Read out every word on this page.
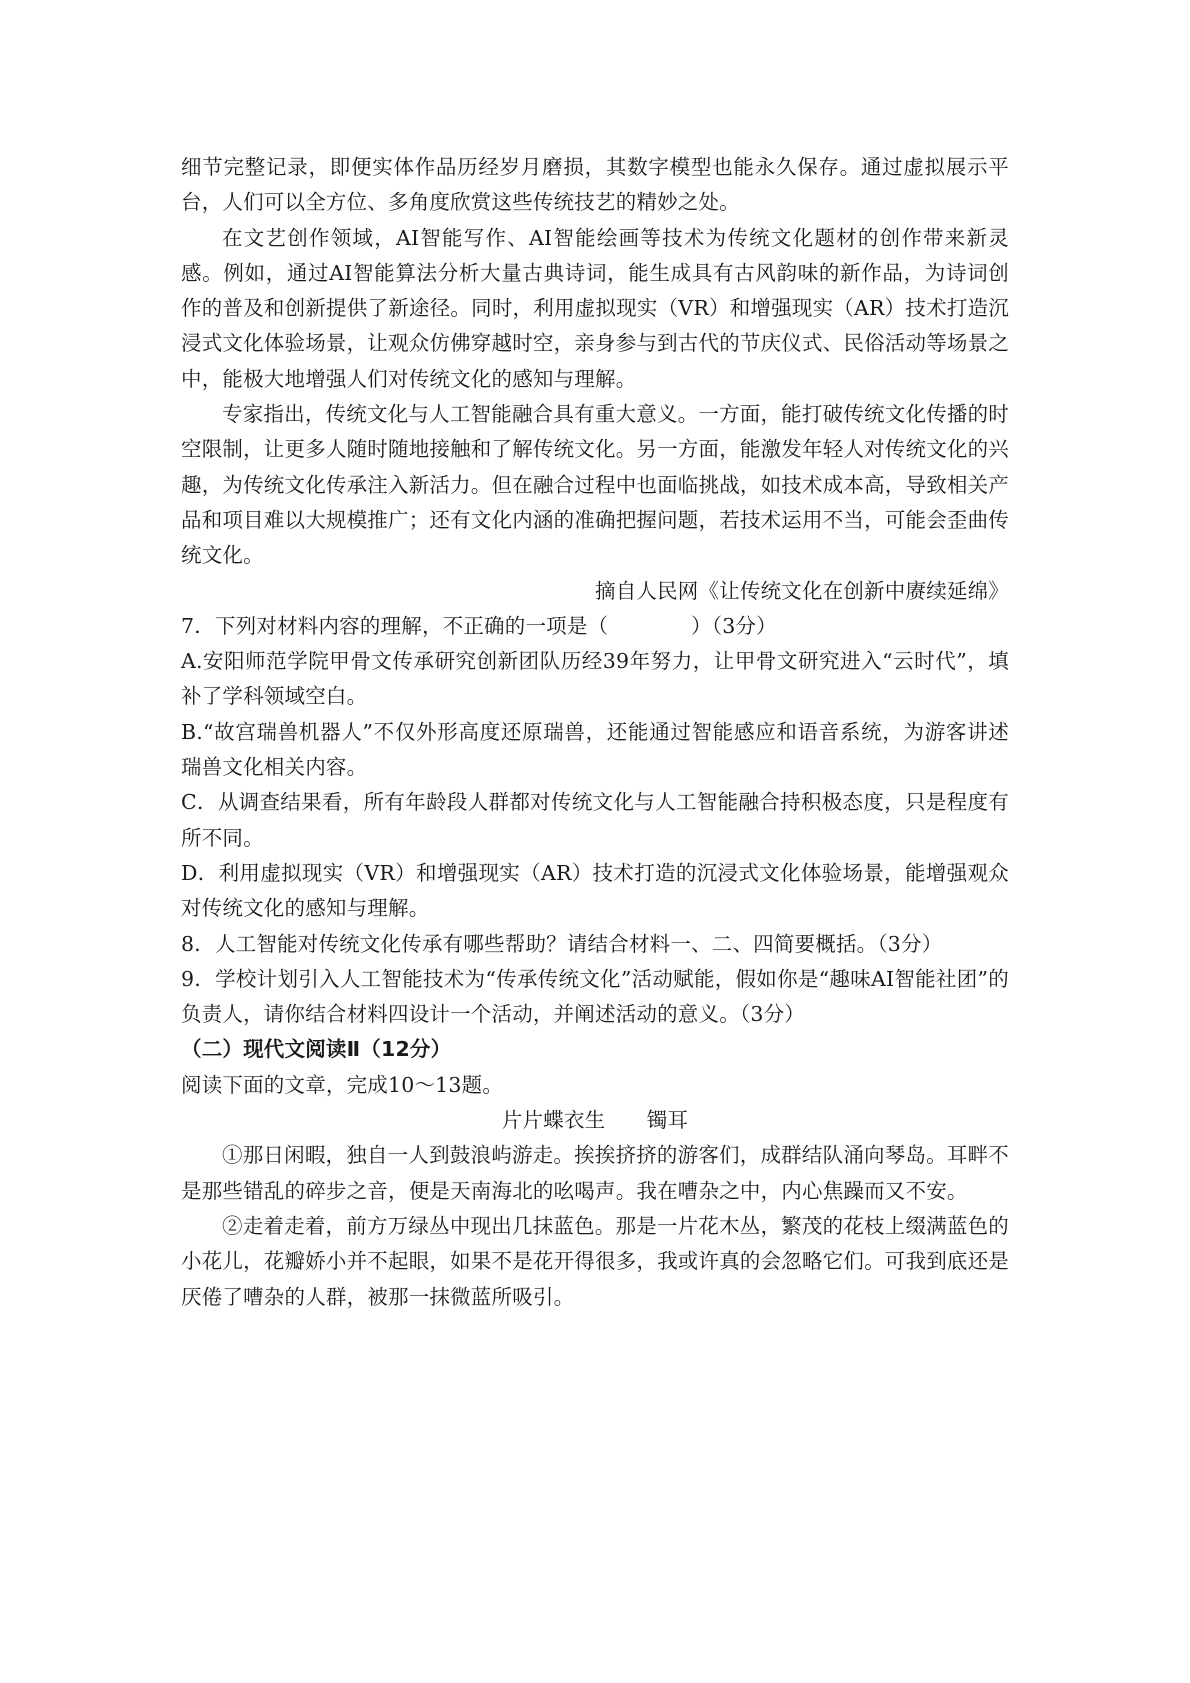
细节完整记录，即便实体作品历经岁月磨损，其数字模型也能永久保存。通过虚拟展示平台，人们可以全方位、多角度欣赏这些传统技艺的精妙之处。

在文艺创作领域，AI智能写作、AI智能绘画等技术为传统文化题材的创作带来新灵感。例如，通过AI智能算法分析大量古典诗词，能生成具有古风韵味的新作品，为诗词创作的普及和创新提供了新途径。同时，利用虚拟现实（VR）和增强现实（AR）技术打造沉浸式文化体验场景，让观众仿佛穿越时空，亲身参与到古代的节庆仪式、民俗活动等场景之中，能极大地增强人们对传统文化的感知与理解。

专家指出，传统文化与人工智能融合具有重大意义。一方面，能打破传统文化传播的时空限制，让更多人随时随地接触和了解传统文化。另一方面，能激发年轻人对传统文化的兴趣，为传统文化传承注入新活力。但在融合过程中也面临挑战，如技术成本高，导致相关产品和项目难以大规模推广；还有文化内涵的准确把握问题，若技术运用不当，可能会歪曲传统文化。

摘自人民网《让传统文化在创新中赓续延绵》

7．下列对材料内容的理解，不正确的一项是（　　　　）（3分）

A.安阳师范学院甲骨文传承研究创新团队历经39年努力，让甲骨文研究进入“云时代”，填补了学科领域空白。

B.“故宫瑞兽机器人”不仅外形高度还原瑞兽，还能通过智能感应和语音系统，为游客讲述瑞兽文化相关内容。

C．从调查结果看，所有年龄段人群都对传统文化与人工智能融合持积极态度，只是程度有所不同。

D．利用虚拟现实（VR）和增强现实（AR）技术打造的沉浸式文化体验场景，能增强观众对传统文化的感知与理解。

8．人工智能对传统文化传承有哪些帮助？请结合材料一、二、四简要概括。（3分）

9．学校计划引入人工智能技术为“传承传统文化”活动赋能，假如你是“趣味AI智能社团”的负责人，请你结合材料四设计一个活动，并阐述活动的意义。（3分）

（二）现代文阅读Ⅱ（12分）

阅读下面的文章，完成10～13题。

片片蝶衣生　　镯耳

①那日闲暇，独自一人到鼓浪屿游走。挨挨挤挤的游客们，成群结队涌向琴岛。耳畔不是那些错乱的碎步之音，便是天南海北的吆喝声。我在嘈杂之中，内心焦躁而又不安。

②走着走着，前方万绿丛中现出几抹蓝色。那是一片花木丛，繁茂的花枝上缀满蓝色的小花儿，花瓣娇小并不起眼，如果不是花开得很多，我或许真的会忽略它们。可我到底还是厌倦了嘈杂的人群，被那一抹微蓝所吸引。
